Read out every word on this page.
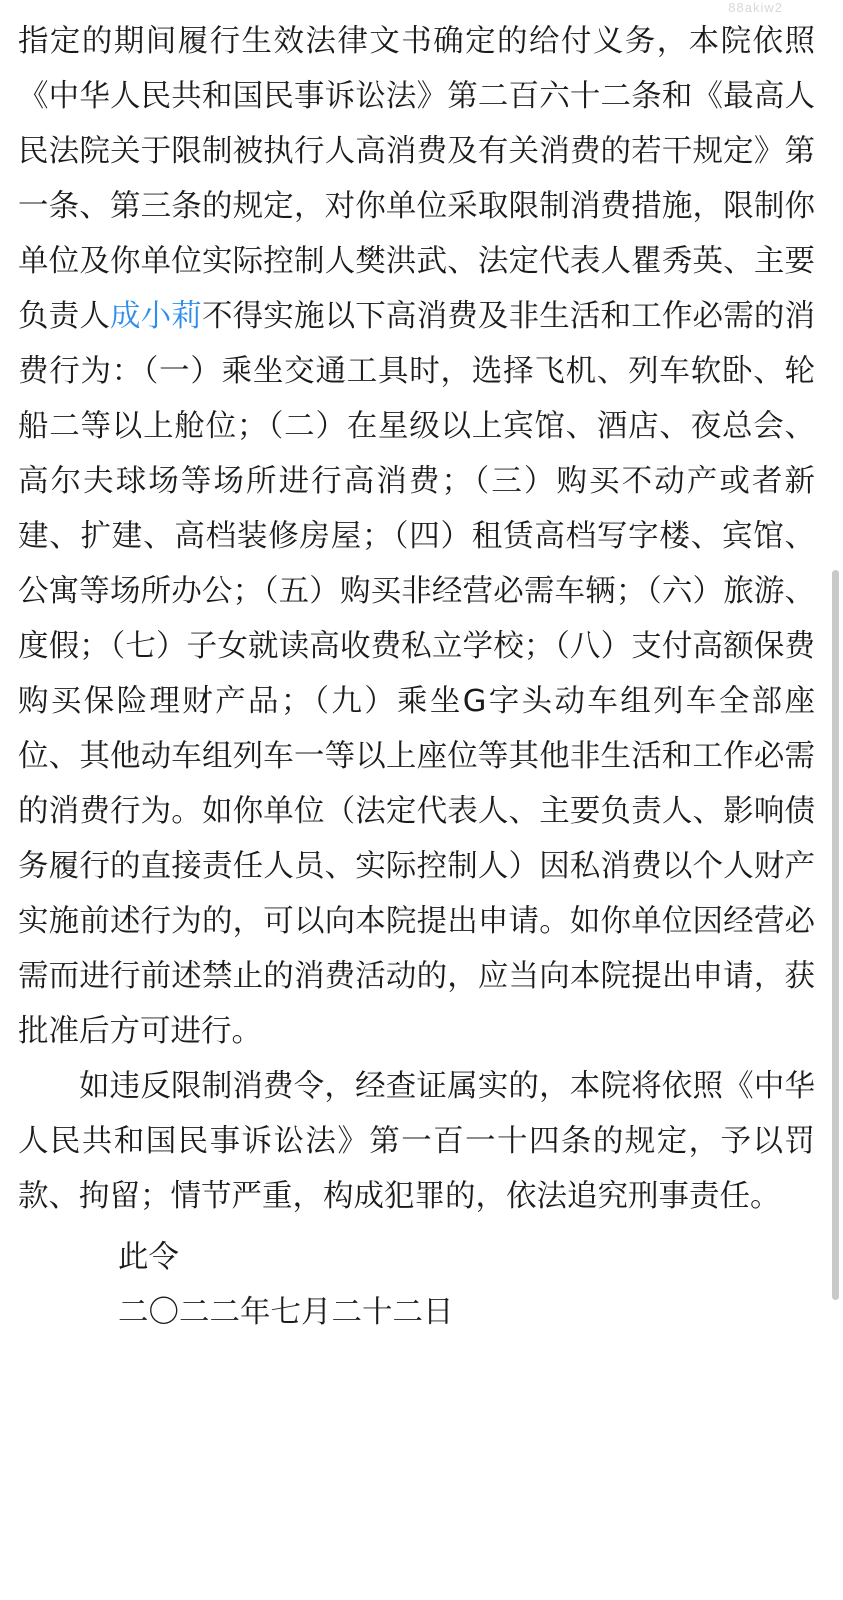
88akiw2

指定的期间履行生效法律文书确定的给付义务，本院依照《中华人民共和国民事诉讼法》第二百六十二条和《最高人民法院关于限制被执行人高消费及有关消费的若干规定》第一条、第三条的规定，对你单位采取限制消费措施，限制你单位及你单位实际控制人樊洪武、法定代表人瞿秀英、主要负责人成小莉不得实施以下高消费及非生活和工作必需的消费行为：（一）乘坐交通工具时，选择飞机、列车软卧、轮船二等以上舱位；（二）在星级以上宾馆、酒店、夜总会、高尔夫球场等场所进行高消费；（三）购买不动产或者新建、扩建、高档装修房屋；（四）租赁高档写字楼、宾馆、公寓等场所办公；（五）购买非经营必需车辆；（六）旅游、度假；（七）子女就读高收费私立学校；（八）支付高额保费购买保险理财产品；（九）乘坐G字头动车组列车全部座位、其他动车组列车一等以上座位等其他非生活和工作必需的消费行为。如你单位（法定代表人、主要负责人、影响债务履行的直接责任人员、实际控制人）因私消费以个人财产实施前述行为的，可以向本院提出申请。如你单位因经营必需而进行前述禁止的消费活动的，应当向本院提出申请，获批准后方可进行。

如违反限制消费令，经查证属实的，本院将依照《中华人民共和国民事诉讼法》第一百一十四条的规定，予以罚款、拘留；情节严重，构成犯罪的，依法追究刑事责任。

此令
二〇二二年七月二十二日
